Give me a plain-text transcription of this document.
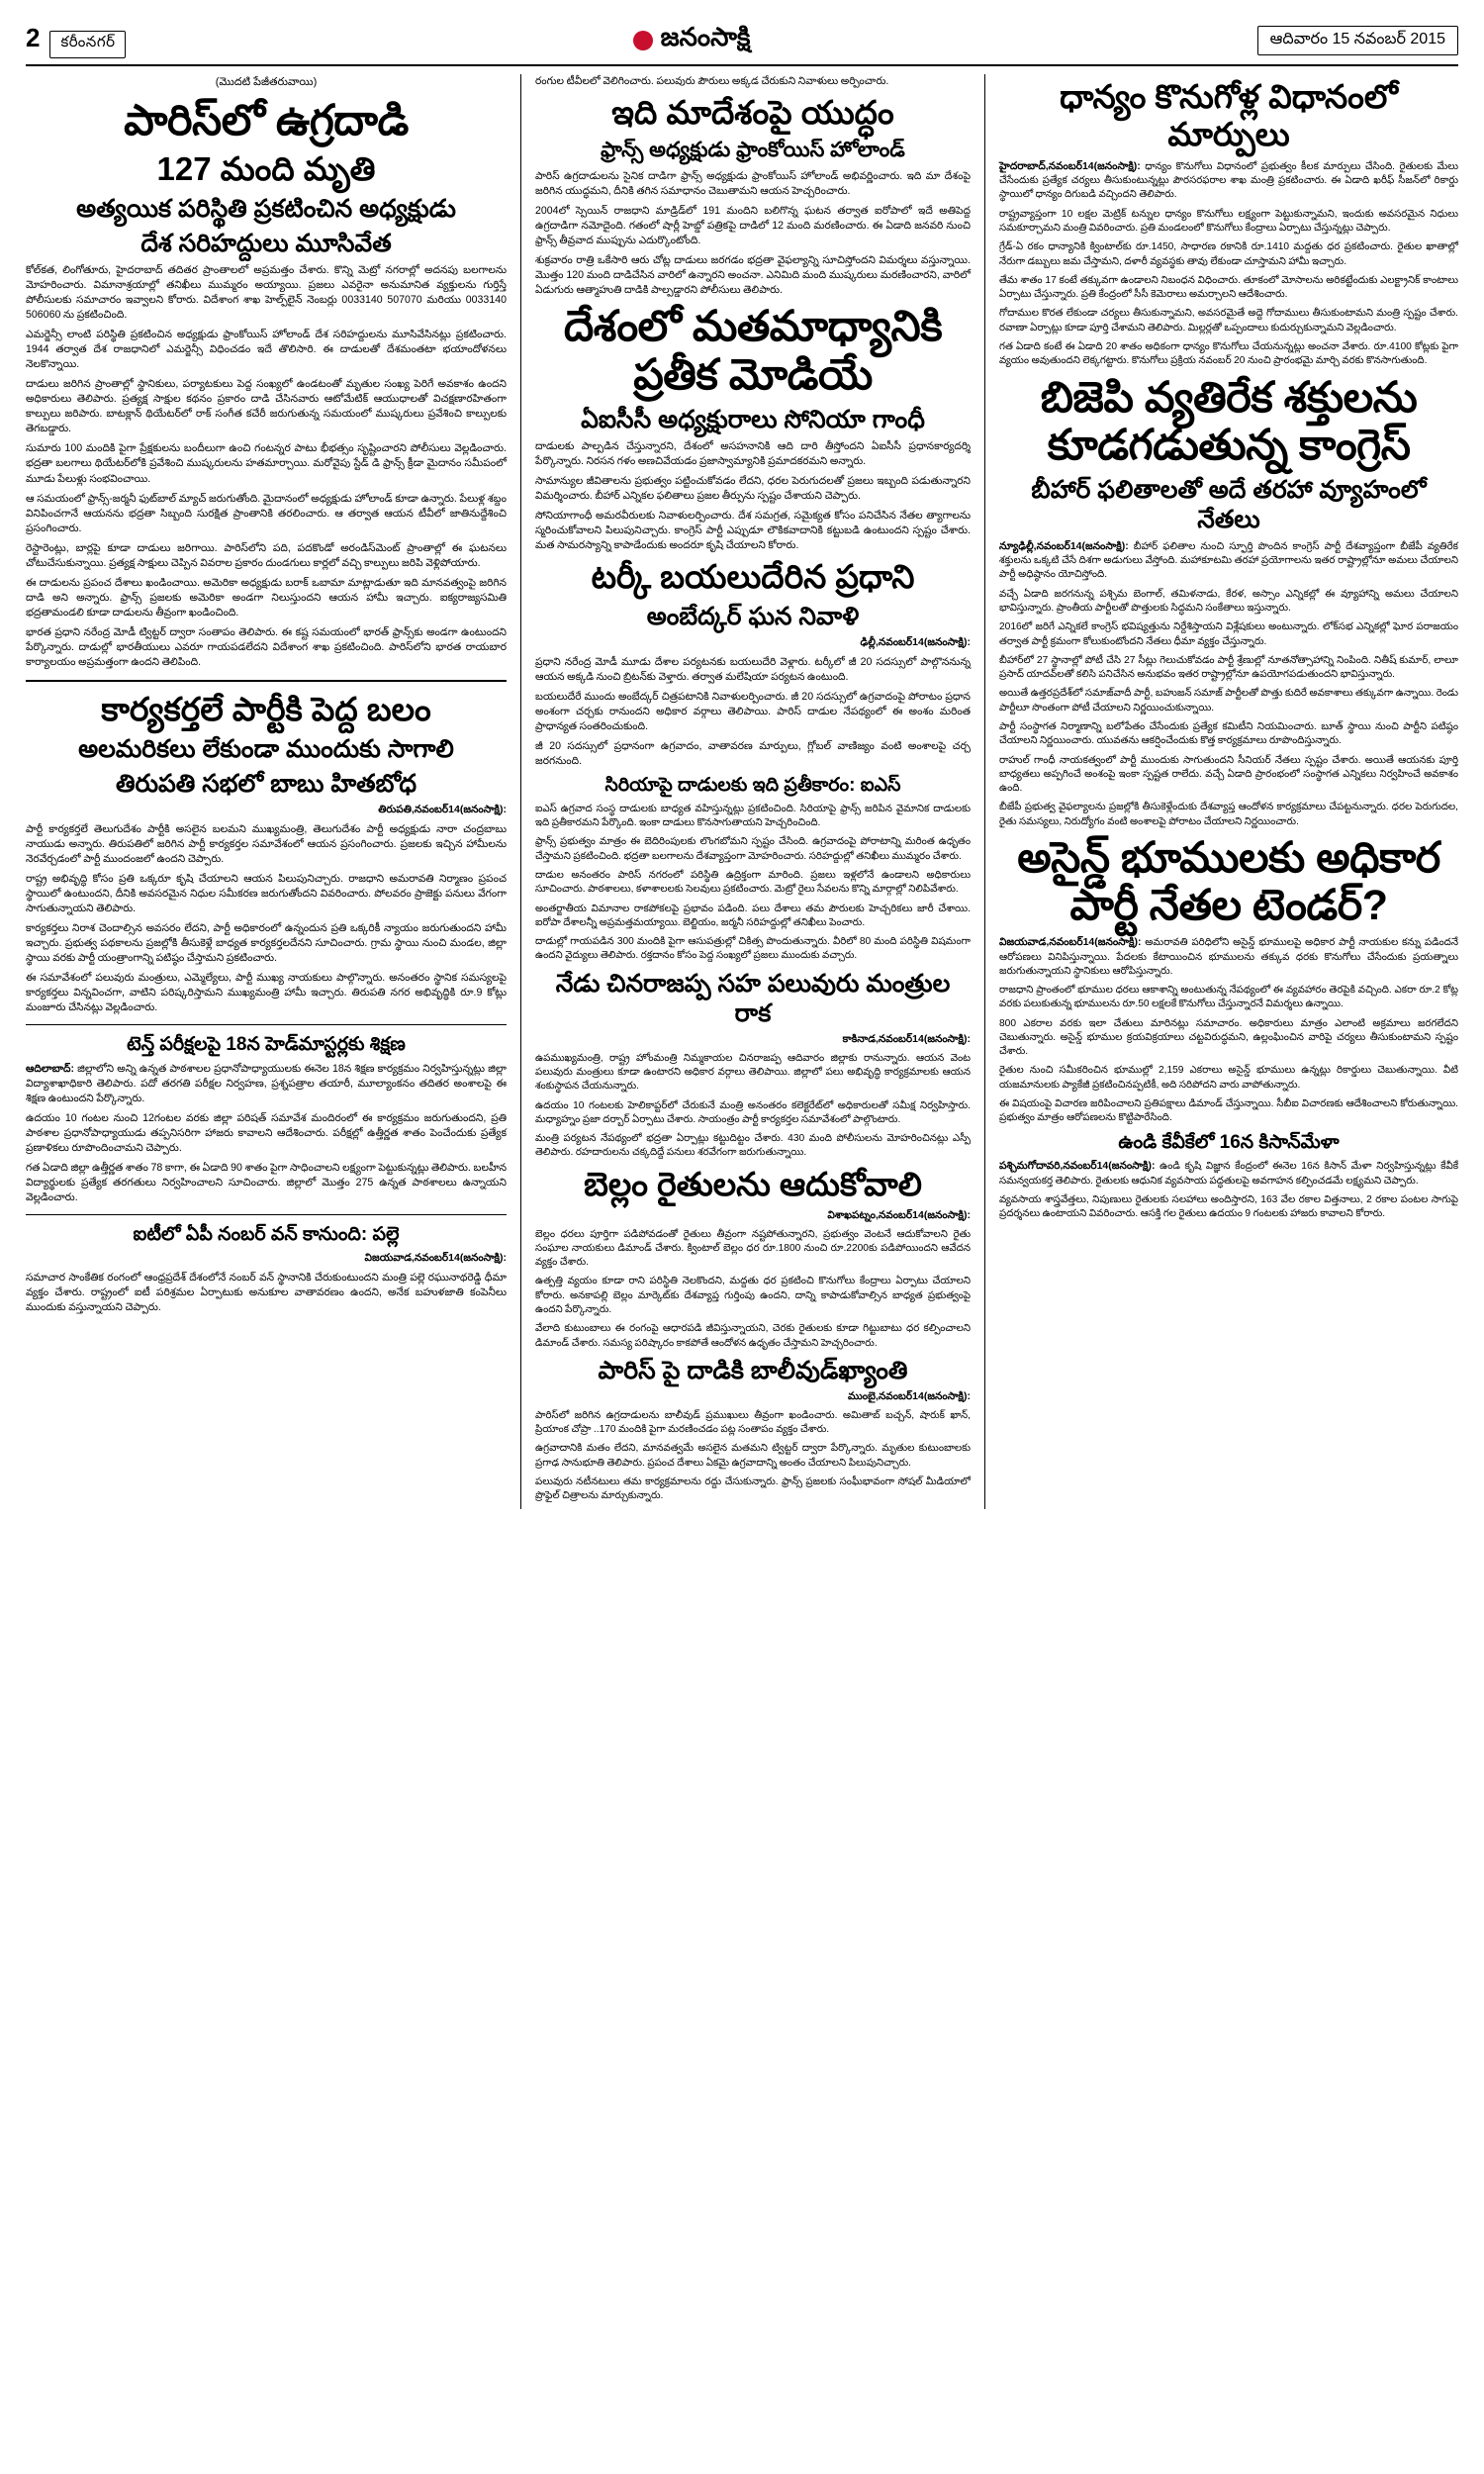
2	కరీంనగర్	జనంసాక్షి	ఆదివారం 15 నవంబర్ 2015
(మొదటి పేజీతరువాయి)
పారిస్‌లో ఉగ్రదాడి
127 మంది మృతి
అత్యయిక పరిస్థితి ప్రకటించిన అధ్యక్షుడు
దేశ సరిహద్దులు మూసివేత

కోల్‌కత, లింగోతూరు, హైదరాబాద్ తదితర ప్రాంతాలలో అప్రమత్తం చేశారు. కొన్ని మెట్రో నగరాల్లో అదనపు బలగాలను మోహరించారు. విమానాశ్రయాల్లో తనిఖీలు ముమ్మరం అయ్యాయి. ప్రజలు ఎవరైనా అనుమానిత వ్యక్తులను గుర్తిస్తే పోలీసులకు సమాచారం ఇవ్వాలని కోరారు. విదేశాంగ శాఖ హెల్ప్‌లైన్ నెంబర్లు 0033140 507070 మరియు 0033140 506060 ను ప్రకటించింది.

ఎమర్జెన్సీ లాంటి పరిస్థితి ప్రకటించిన అధ్యక్షుడు ఫ్రాంకోయిస్ హోలాండ్ దేశ సరిహద్దులను మూసివేసినట్లు ప్రకటించారు. 1944 తర్వాత దేశ రాజధానిలో ఎమర్జెన్సీ విధించడం ఇదే తొలిసారి. ఈ దాడులతో దేశమంతటా భయాందోళనలు నెలకొన్నాయి.

దాడులు జరిగిన ప్రాంతాల్లో స్థానికులు, పర్యాటకులు పెద్ద సంఖ్యలో ఉండటంతో మృతుల సంఖ్య పెరిగే అవకాశం ఉందని అధికారులు తెలిపారు. ప్రత్యక్ష సాక్షుల కథనం ప్రకారం దాడి చేసినవారు ఆటోమేటిక్ ఆయుధాలతో విచక్షణారహితంగా కాల్పులు జరిపారు. బాటక్లాన్ థియేటర్‌లో రాక్ సంగీత కచేరీ జరుగుతున్న సమయంలో ముష్కరులు ప్రవేశించి కాల్పులకు తెగబడ్డారు.

సుమారు 100 మందికి పైగా ప్రేక్షకులను బందీలుగా ఉంచి గంటన్నర పాటు భీభత్సం సృష్టించారని పోలీసులు వెల్లడించారు. భద్రతా బలగాలు థియేటర్‌లోకి ప్రవేశించి ముష్కరులను హతమార్చాయి. మరోవైపు స్టేడ్ డి ఫ్రాన్స్ క్రీడా మైదానం సమీపంలో మూడు పేలుళ్లు సంభవించాయి.

ఆ సమయంలో ఫ్రాన్స్-జర్మనీ ఫుట్‌బాల్ మ్యాచ్ జరుగుతోంది. మైదానంలో అధ్యక్షుడు హోలాండ్ కూడా ఉన్నారు. పేలుళ్ల శబ్దం వినిపించగానే ఆయనను భద్రతా సిబ్బంది సురక్షిత ప్రాంతానికి తరలించారు. ఆ తర్వాత ఆయన టీవీలో జాతినుద్దేశించి ప్రసంగించారు.

రెస్టారెంట్లు, బార్లపై కూడా దాడులు జరిగాయి. పారిస్‌లోని పది, పదకొండో అరండిస్‌మెంట్ ప్రాంతాల్లో ఈ ఘటనలు చోటుచేసుకున్నాయి. ప్రత్యక్ష సాక్షులు చెప్పిన వివరాల ప్రకారం దుండగులు కార్లలో వచ్చి కాల్పులు జరిపి వెళ్లిపోయారు.

ఈ దాడులను ప్రపంచ దేశాలు ఖండించాయి. అమెరికా అధ్యక్షుడు బరాక్ ఒబామా మాట్లాడుతూ ఇది మానవత్వంపై జరిగిన దాడి అని అన్నారు. ఫ్రాన్స్ ప్రజలకు అమెరికా అండగా నిలుస్తుందని ఆయన హామీ ఇచ్చారు. ఐక్యరాజ్యసమితి భద్రతామండలి కూడా దాడులను తీవ్రంగా ఖండించింది.

భారత ప్రధాని నరేంద్ర మోడీ ట్విట్టర్ ద్వారా సంతాపం తెలిపారు. ఈ కష్ట సమయంలో భారత్ ఫ్రాన్స్‌కు అండగా ఉంటుందని పేర్కొన్నారు. దాడుల్లో భారతీయులు ఎవరూ గాయపడలేదని విదేశాంగ శాఖ ప్రకటించింది. పారిస్‌లోని భారత రాయబార కార్యాలయం అప్రమత్తంగా ఉందని తెలిపింది.

కార్యకర్తలే పార్టీకి పెద్ద బలం
అలమరికలు లేకుండా ముందుకు సాగాలి
తిరుపతి సభలో బాబు హితబోధ
తిరుపతి,నవంబర్14(జనంసాక్షి):

పార్టీ కార్యకర్తలే తెలుగుదేశం పార్టీకి అసలైన బలమని ముఖ్యమంత్రి, తెలుగుదేశం పార్టీ అధ్యక్షుడు నారా చంద్రబాబు నాయుడు అన్నారు. తిరుపతిలో జరిగిన పార్టీ కార్యకర్తల సమావేశంలో ఆయన ప్రసంగించారు. ప్రజలకు ఇచ్చిన హామీలను నెరవేర్చడంలో పార్టీ ముందంజలో ఉందని చెప్పారు.

రాష్ట్ర అభివృద్ధి కోసం ప్రతి ఒక్కరూ కృషి చేయాలని ఆయన పిలుపునిచ్చారు. రాజధాని అమరావతి నిర్మాణం ప్రపంచ స్థాయిలో ఉంటుందని, దీనికి అవసరమైన నిధుల సమీకరణ జరుగుతోందని వివరించారు. పోలవరం ప్రాజెక్టు పనులు వేగంగా సాగుతున్నాయని తెలిపారు.

కార్యకర్తలు నిరాశ చెందాల్సిన అవసరం లేదని, పార్టీ అధికారంలో ఉన్నందున ప్రతి ఒక్కరికీ న్యాయం జరుగుతుందని హామీ ఇచ్చారు. ప్రభుత్వ పథకాలను ప్రజల్లోకి తీసుకెళ్లే బాధ్యత కార్యకర్తలదేనని సూచించారు. గ్రామ స్థాయి నుంచి మండల, జిల్లా స్థాయి వరకు పార్టీ యంత్రాంగాన్ని పటిష్ఠం చేస్తామని ప్రకటించారు.

ఈ సమావేశంలో పలువురు మంత్రులు, ఎమ్మెల్యేలు, పార్టీ ముఖ్య నాయకులు పాల్గొన్నారు. అనంతరం స్థానిక సమస్యలపై కార్యకర్తలు విన్నవించగా, వాటిని పరిష్కరిస్తామని ముఖ్యమంత్రి హామీ ఇచ్చారు. తిరుపతి నగర అభివృద్ధికి రూ.9 కోట్లు మంజూరు చేసినట్లు వెల్లడించారు.

టెన్త్ పరీక్షలపై 18న హెడ్‌మాస్టర్లకు శిక్షణ

ఆదిలాబాద్: జిల్లాలోని అన్ని ఉన్నత పాఠశాలల ప్రధానోపాధ్యాయులకు ఈనెల 18న శిక్షణ కార్యక్రమం నిర్వహిస్తున్నట్లు జిల్లా విద్యాశాఖాధికారి తెలిపారు. పదో తరగతి పరీక్షల నిర్వహణ, ప్రశ్నపత్రాల తయారీ, మూల్యాంకనం తదితర అంశాలపై ఈ శిక్షణ ఉంటుందని పేర్కొన్నారు.

ఉదయం 10 గంటల నుంచి 12గంటల వరకు జిల్లా పరిషత్ సమావేశ మందిరంలో ఈ కార్యక్రమం జరుగుతుందని, ప్రతి పాఠశాల ప్రధానోపాధ్యాయుడు తప్పనిసరిగా హాజరు కావాలని ఆదేశించారు. పరీక్షల్లో ఉత్తీర్ణత శాతం పెంచేందుకు ప్రత్యేక ప్రణాళికలు రూపొందించామని చెప్పారు.

గత ఏడాది జిల్లా ఉత్తీర్ణత శాతం 78 కాగా, ఈ ఏడాది 90 శాతం పైగా సాధించాలని లక్ష్యంగా పెట్టుకున్నట్లు తెలిపారు. బలహీన విద్యార్థులకు ప్రత్యేక తరగతులు నిర్వహించాలని సూచించారు. జిల్లాలో మొత్తం 275 ఉన్నత పాఠశాలలు ఉన్నాయని వెల్లడించారు.

ఐటీలో ఏపీ నంబర్ వన్ కానుంది: పల్లె
విజయవాడ,నవంబర్14(జనంసాక్షి):

సమాచార సాంకేతిక రంగంలో ఆంధ్రప్రదేశ్ దేశంలోనే నంబర్ వన్ స్థానానికి చేరుకుంటుందని మంత్రి పల్లె రఘునాథరెడ్డి ధీమా వ్యక్తం చేశారు. రాష్ట్రంలో ఐటీ పరిశ్రమల ఏర్పాటుకు అనుకూల వాతావరణం ఉందని, అనేక బహుళజాతి కంపెనీలు ముందుకు వస్తున్నాయని చెప్పారు.

రంగుల టీవీలలో వెలిగించారు. పలువురు పౌరులు అక్కడ చేరుకుని నివాళులు అర్పించారు.

ఇది మాదేశంపై యుద్ధం
ఫ్రాన్స్ అధ్యక్షుడు ఫ్రాంకోయిస్ హోలాండ్

పారిస్ ఉగ్రదాడులను సైనిక దాడిగా ఫ్రాన్స్ అధ్యక్షుడు ఫ్రాంకోయిస్ హోలాండ్ అభివర్ణించారు. ఇది మా దేశంపై జరిగిన యుద్ధమని, దీనికి తగిన సమాధానం చెబుతామని ఆయన హెచ్చరించారు.

2004లో స్పెయిన్ రాజధాని మాడ్రిడ్‌లో 191 మందిని బలిగొన్న ఘటన తర్వాత ఐరోపాలో ఇదే అతిపెద్ద ఉగ్రదాడిగా నమోదైంది. గతంలో షార్లీ హెబ్డో పత్రికపై దాడిలో 12 మంది మరణించారు. ఈ ఏడాది జనవరి నుంచి ఫ్రాన్స్ తీవ్రవాద ముప్పును ఎదుర్కొంటోంది.

శుక్రవారం రాత్రి ఒకేసారి ఆరు చోట్ల దాడులు జరగడం భద్రతా వైఫల్యాన్ని సూచిస్తోందని విమర్శలు వస్తున్నాయి. మొత్తం 120 మంది దాడిచేసిన వారిలో ఉన్నారని అంచనా. ఎనిమిది మంది ముష్కరులు మరణించారని, వారిలో ఏడుగురు ఆత్మాహుతి దాడికి పాల్పడ్డారని పోలీసులు తెలిపారు.

దేశంలో మతమాధ్యానికి ప్రతీక మోడియే
ఏఐసీసీ అధ్యక్షురాలు సోనియా గాంధీ

దాడులకు పాల్పడిన చేస్తున్నారని, దేశంలో అసహనానికి ఆది దారి తీస్తోందని ఏఐసీసీ ప్రధానకార్యదర్శి పేర్కొన్నారు. నిరసన గళం అణచివేయడం ప్రజాస్వామ్యానికి ప్రమాదకరమని అన్నారు.

సామాన్యుల జీవితాలను ప్రభుత్వం పట్టించుకోవడం లేదని, ధరల పెరుగుదలతో ప్రజలు ఇబ్బంది పడుతున్నారని విమర్శించారు. బీహార్ ఎన్నికల ఫలితాలు ప్రజల తీర్పును స్పష్టం చేశాయని చెప్పారు.

సోనియాగాంధీ అమరవీరులకు నివాళులర్పించారు. దేశ సమగ్రత, సమైక్యత కోసం పనిచేసిన నేతల త్యాగాలను స్మరించుకోవాలని పిలుపునిచ్చారు. కాంగ్రెస్ పార్టీ ఎప్పుడూ లౌకికవాదానికి కట్టుబడి ఉంటుందని స్పష్టం చేశారు. మత సామరస్యాన్ని కాపాడేందుకు అందరూ కృషి చేయాలని కోరారు.

టర్కీ బయలుదేరిన ప్రధాని
అంబేద్కర్ ఘన నివాళి
ఢిల్లీ,నవంబర్14(జనంసాక్షి):

ప్రధాని నరేంద్ర మోడీ మూడు దేశాల పర్యటనకు బయలుదేరి వెళ్లారు. టర్కీలో జీ 20 సదస్సులో పాల్గొననున్న ఆయన అక్కడి నుంచి బ్రిటన్‌కు వెళ్తారు. తర్వాత మలేషియా పర్యటన ఉంటుంది.

బయలుదేరే ముందు అంబేద్కర్ చిత్రపటానికి నివాళులర్పించారు. జీ 20 సదస్సులో ఉగ్రవాదంపై పోరాటం ప్రధాన అంశంగా చర్చకు రానుందని అధికార వర్గాలు తెలిపాయి. పారిస్ దాడుల నేపథ్యంలో ఈ అంశం మరింత ప్రాధాన్యత సంతరించుకుంది.

జీ 20 సదస్సులో ప్రధానంగా ఉగ్రవాదం, వాతావరణ మార్పులు, గ్లోబల్ వాణిజ్యం వంటి అంశాలపై చర్చ జరగనుంది.

సిరియాపై దాడులకు ఇది ప్రతీకారం: ఐఎస్

ఐఎస్ ఉగ్రవాద సంస్థ దాడులకు బాధ్యత వహిస్తున్నట్లు ప్రకటించింది. సిరియాపై ఫ్రాన్స్ జరిపిన వైమానిక దాడులకు ఇది ప్రతీకారమని పేర్కొంది. ఇంకా దాడులు కొనసాగుతాయని హెచ్చరించింది.

ఫ్రాన్స్ ప్రభుత్వం మాత్రం ఈ బెదిరింపులకు లొంగబోమని స్పష్టం చేసింది. ఉగ్రవాదంపై పోరాటాన్ని మరింత ఉధృతం చేస్తామని ప్రకటించింది. భద్రతా బలగాలను దేశవ్యాప్తంగా మోహరించారు. సరిహద్దుల్లో తనిఖీలు ముమ్మరం చేశారు.

దాడుల అనంతరం పారిస్ నగరంలో పరిస్థితి ఉద్రిక్తంగా మారింది. ప్రజలు ఇళ్లలోనే ఉండాలని అధికారులు సూచించారు. పాఠశాలలు, కళాశాలలకు సెలవులు ప్రకటించారు. మెట్రో రైలు సేవలను కొన్ని మార్గాల్లో నిలిపివేశారు.

అంతర్జాతీయ విమానాల రాకపోకలపై ప్రభావం పడింది. పలు దేశాలు తమ పౌరులకు హెచ్చరికలు జారీ చేశాయి. ఐరోపా దేశాలన్నీ అప్రమత్తమయ్యాయి. బెల్జియం, జర్మనీ సరిహద్దుల్లో తనిఖీలు పెంచారు.

దాడుల్లో గాయపడిన 300 మందికి పైగా ఆసుపత్రుల్లో చికిత్స పొందుతున్నారు. వీరిలో 80 మంది పరిస్థితి విషమంగా ఉందని వైద్యులు తెలిపారు. రక్తదానం కోసం పెద్ద సంఖ్యలో ప్రజలు ముందుకు వచ్చారు.

నేడు చినరాజప్ప సహ పలువురు మంత్రుల రాక
కాకినాడ,నవంబర్14(జనంసాక్షి):

ఉపముఖ్యమంత్రి, రాష్ట్ర హోంమంత్రి నిమ్మకాయల చినరాజప్ప ఆదివారం జిల్లాకు రానున్నారు. ఆయన వెంట పలువురు మంత్రులు కూడా ఉంటారని అధికార వర్గాలు తెలిపాయి. జిల్లాలో పలు అభివృద్ధి కార్యక్రమాలకు ఆయన శంకుస్థాపన చేయనున్నారు.

ఉదయం 10 గంటలకు హెలికాప్టర్‌లో చేరుకునే మంత్రి అనంతరం కలెక్టరేట్‌లో అధికారులతో సమీక్ష నిర్వహిస్తారు. మధ్యాహ్నం ప్రజా దర్బార్ ఏర్పాటు చేశారు. సాయంత్రం పార్టీ కార్యకర్తల సమావేశంలో పాల్గొంటారు.

మంత్రి పర్యటన నేపథ్యంలో భద్రతా ఏర్పాట్లు కట్టుదిట్టం చేశారు. 430 మంది పోలీసులను మోహరించినట్లు ఎస్పీ తెలిపారు. రహదారులను చక్కదిద్దే పనులు శరవేగంగా జరుగుతున్నాయి.

బెల్లం రైతులను ఆదుకోవాలి
విశాఖపట్నం,నవంబర్14(జనంసాక్షి):

బెల్లం ధరలు పూర్తిగా పడిపోవడంతో రైతులు తీవ్రంగా నష్టపోతున్నారని, ప్రభుత్వం వెంటనే ఆదుకోవాలని రైతు సంఘాల నాయకులు డిమాండ్ చేశారు. క్వింటాల్ బెల్లం ధర రూ.1800 నుంచి రూ.2200కు పడిపోయిందని ఆవేదన వ్యక్తం చేశారు.

ఉత్పత్తి వ్యయం కూడా రాని పరిస్థితి నెలకొందని, మద్దతు ధర ప్రకటించి కొనుగోలు కేంద్రాలు ఏర్పాటు చేయాలని కోరారు. అనకాపల్లి బెల్లం మార్కెట్‌కు దేశవ్యాప్త గుర్తింపు ఉందని, దాన్ని కాపాడుకోవాల్సిన బాధ్యత ప్రభుత్వంపై ఉందని పేర్కొన్నారు.

వేలాది కుటుంబాలు ఈ రంగంపై ఆధారపడి జీవిస్తున్నాయని, చెరకు రైతులకు కూడా గిట్టుబాటు ధర కల్పించాలని డిమాండ్ చేశారు. సమస్య పరిష్కారం కాకపోతే ఆందోళన ఉధృతం చేస్తామని హెచ్చరించారు.

పారిస్ పై దాడికి బాలీవుడ్‌ఖ్యాంతి
ముంబై,నవంబర్14(జనంసాక్షి):

పారిస్‌లో జరిగిన ఉగ్రదాడులను బాలీవుడ్ ప్రముఖులు తీవ్రంగా ఖండించారు. అమితాబ్ బచ్చన్, షారుక్ ఖాన్, ప్రియాంక చోప్రా ..170 మందికి పైగా మరణించడం పట్ల సంతాపం వ్యక్తం చేశారు.

ఉగ్రవాదానికి మతం లేదని, మానవత్వమే అసలైన మతమని ట్విట్టర్ ద్వారా పేర్కొన్నారు. మృతుల కుటుంబాలకు ప్రగాఢ సానుభూతి తెలిపారు. ప్రపంచ దేశాలు ఏకమై ఉగ్రవాదాన్ని అంతం చేయాలని పిలుపునిచ్చారు.

పలువురు నటీనటులు తమ కార్యక్రమాలను రద్దు చేసుకున్నారు. ఫ్రాన్స్ ప్రజలకు సంఘీభావంగా సోషల్ మీడియాలో ప్రొఫైల్ చిత్రాలను మార్చుకున్నారు.

ధాన్యం కొనుగోళ్ల విధానంలో మార్పులు

హైదరాబాద్,నవంబర్14(జనంసాక్షి): ధాన్యం కొనుగోలు విధానంలో ప్రభుత్వం కీలక మార్పులు చేసింది. రైతులకు మేలు చేసేందుకు ప్రత్యేక చర్యలు తీసుకుంటున్నట్లు పౌరసరఫరాల శాఖ మంత్రి ప్రకటించారు. ఈ ఏడాది ఖరీఫ్ సీజన్‌లో రికార్డు స్థాయిలో ధాన్యం దిగుబడి వచ్చిందని తెలిపారు.

రాష్ట్రవ్యాప్తంగా 10 లక్షల మెట్రిక్ టన్నుల ధాన్యం కొనుగోలు లక్ష్యంగా పెట్టుకున్నామని, ఇందుకు అవసరమైన నిధులు సమకూర్చామని మంత్రి వివరించారు. ప్రతి మండలంలో కొనుగోలు కేంద్రాలు ఏర్పాటు చేస్తున్నట్లు చెప్పారు.

గ్రేడ్-ఏ రకం ధాన్యానికి క్వింటాల్‌కు రూ.1450, సాధారణ రకానికి రూ.1410 మద్దతు ధర ప్రకటించారు. రైతుల ఖాతాల్లో నేరుగా డబ్బులు జమ చేస్తామని, దళారీ వ్యవస్థకు తావు లేకుండా చూస్తామని హామీ ఇచ్చారు.

తేమ శాతం 17 కంటే తక్కువగా ఉండాలని నిబంధన విధించారు. తూకంలో మోసాలను అరికట్టేందుకు ఎలక్ట్రానిక్ కాంటాలు ఏర్పాటు చేస్తున్నారు. ప్రతి కేంద్రంలో సీసీ కెమెరాలు అమర్చాలని ఆదేశించారు.

గోదాముల కొరత లేకుండా చర్యలు తీసుకున్నామని, అవసరమైతే అద్దె గోదాములు తీసుకుంటామని మంత్రి స్పష్టం చేశారు. రవాణా ఏర్పాట్లు కూడా పూర్తి చేశామని తెలిపారు. మిల్లర్లతో ఒప్పందాలు కుదుర్చుకున్నామని వెల్లడించారు.

గత ఏడాది కంటే ఈ ఏడాది 20 శాతం అధికంగా ధాన్యం కొనుగోలు చేయనున్నట్లు అంచనా వేశారు. రూ.4100 కోట్లకు పైగా వ్యయం అవుతుందని లెక్కగట్టారు. కొనుగోలు ప్రక్రియ నవంబర్ 20 నుంచి ప్రారంభమై మార్చి వరకు కొనసాగుతుంది.

బిజెపి వ్యతిరేక శక్తులను కూడగడుతున్న కాంగ్రెస్
బీహార్ ఫలితాలతో అదే తరహా వ్యూహంలో నేతలు

న్యూఢిల్లీ,నవంబర్14(జనంసాక్షి): బీహార్ ఫలితాల నుంచి స్ఫూర్తి పొందిన కాంగ్రెస్ పార్టీ దేశవ్యాప్తంగా బీజేపీ వ్యతిరేక శక్తులను ఒక్కటి చేసే దిశగా అడుగులు వేస్తోంది. మహాకూటమి తరహా ప్రయోగాలను ఇతర రాష్ట్రాల్లోనూ అమలు చేయాలని పార్టీ అధిష్ఠానం యోచిస్తోంది.

వచ్చే ఏడాది జరగనున్న పశ్చిమ బెంగాల్, తమిళనాడు, కేరళ, అస్సాం ఎన్నికల్లో ఈ వ్యూహాన్ని అమలు చేయాలని భావిస్తున్నారు. ప్రాంతీయ పార్టీలతో పొత్తులకు సిద్ధమని సంకేతాలు ఇస్తున్నారు.

2016లో జరిగే ఎన్నికలే కాంగ్రెస్ భవిష్యత్తును నిర్దేశిస్తాయని విశ్లేషకులు అంటున్నారు. లోక్‌సభ ఎన్నికల్లో ఘోర పరాజయం తర్వాత పార్టీ క్రమంగా కోలుకుంటోందని నేతలు ధీమా వ్యక్తం చేస్తున్నారు.

బీహార్‌లో 27 స్థానాల్లో పోటీ చేసి 27 సీట్లు గెలుచుకోవడం పార్టీ శ్రేణుల్లో నూతనోత్సాహాన్ని నింపింది. నితీష్ కుమార్, లాలూ ప్రసాద్ యాదవ్‌లతో కలిసి పనిచేసిన అనుభవం ఇతర రాష్ట్రాల్లోనూ ఉపయోగపడుతుందని భావిస్తున్నారు.

అయితే ఉత్తరప్రదేశ్‌లో సమాజ్‌వాదీ పార్టీ, బహుజన్ సమాజ్ పార్టీలతో పొత్తు కుదిరే అవకాశాలు తక్కువగా ఉన్నాయి. రెండు పార్టీలూ సొంతంగా పోటీ చేయాలని నిర్ణయించుకున్నాయి.

పార్టీ సంస్థాగత నిర్మాణాన్ని బలోపేతం చేసేందుకు ప్రత్యేక కమిటీని నియమించారు. బూత్ స్థాయి నుంచి పార్టీని పటిష్ఠం చేయాలని నిర్ణయించారు. యువతను ఆకర్షించేందుకు కొత్త కార్యక్రమాలు రూపొందిస్తున్నారు.

రాహుల్ గాంధీ నాయకత్వంలో పార్టీ ముందుకు సాగుతుందని సీనియర్ నేతలు స్పష్టం చేశారు. అయితే ఆయనకు పూర్తి బాధ్యతలు అప్పగించే అంశంపై ఇంకా స్పష్టత రాలేదు. వచ్చే ఏడాది ప్రారంభంలో సంస్థాగత ఎన్నికలు నిర్వహించే అవకాశం ఉంది.

బీజేపీ ప్రభుత్వ వైఫల్యాలను ప్రజల్లోకి తీసుకెళ్లేందుకు దేశవ్యాప్త ఆందోళన కార్యక్రమాలు చేపట్టనున్నారు. ధరల పెరుగుదల, రైతు సమస్యలు, నిరుద్యోగం వంటి అంశాలపై పోరాటం చేయాలని నిర్ణయించారు.

అసైన్డ్ భూములకు అధికార పార్టీ నేతల టెండర్?

విజయవాడ,నవంబర్14(జనంసాక్షి): అమరావతి పరిధిలోని అసైన్డ్ భూములపై అధికార పార్టీ నాయకుల కన్ను పడిందనే ఆరోపణలు వినిపిస్తున్నాయి. పేదలకు కేటాయించిన భూములను తక్కువ ధరకు కొనుగోలు చేసేందుకు ప్రయత్నాలు జరుగుతున్నాయని స్థానికులు ఆరోపిస్తున్నారు.

రాజధాని ప్రాంతంలో భూముల ధరలు ఆకాశాన్ని అంటుతున్న నేపథ్యంలో ఈ వ్యవహారం తెరపైకి వచ్చింది. ఎకరా రూ.2 కోట్ల వరకు పలుకుతున్న భూములను రూ.50 లక్షలకే కొనుగోలు చేస్తున్నారనే విమర్శలు ఉన్నాయి.

800 ఎకరాల వరకు ఇలా చేతులు మారినట్లు సమాచారం. అధికారులు మాత్రం ఎలాంటి అక్రమాలు జరగలేదని చెబుతున్నారు. అసైన్డ్ భూముల క్రయవిక్రయాలు చట్టవిరుద్ధమని, ఉల్లంఘించిన వారిపై చర్యలు తీసుకుంటామని స్పష్టం చేశారు.

రైతుల నుంచి సమీకరించిన భూముల్లో 2,159 ఎకరాలు అసైన్డ్ భూములు ఉన్నట్లు రికార్డులు చెబుతున్నాయి. వీటి యజమానులకు ప్యాకేజీ ప్రకటించినప్పటికీ, అది సరిపోదని వారు వాపోతున్నారు.

ఈ విషయంపై విచారణ జరిపించాలని ప్రతిపక్షాలు డిమాండ్ చేస్తున్నాయి. సీబీఐ విచారణకు ఆదేశించాలని కోరుతున్నాయి. ప్రభుత్వం మాత్రం ఆరోపణలను కొట్టిపారేసింది.

ఉండి కేవీకేలో 16న కిసాన్‌మేళా

పశ్చిమగోదావరి,నవంబర్14(జనంసాక్షి): ఉండి కృషి విజ్ఞాన కేంద్రంలో ఈనెల 16న కిసాన్ మేళా నిర్వహిస్తున్నట్లు కేవీకే సమన్వయకర్త తెలిపారు. రైతులకు ఆధునిక వ్యవసాయ పద్ధతులపై అవగాహన కల్పించడమే లక్ష్యమని చెప్పారు.

వ్యవసాయ శాస్త్రవేత్తలు, నిపుణులు రైతులకు సలహాలు అందిస్తారని, 163 వేల రకాల విత్తనాలు, 2 రకాల పంటల సాగుపై ప్రదర్శనలు ఉంటాయని వివరించారు. ఆసక్తి గల రైతులు ఉదయం 9 గంటలకు హాజరు కావాలని కోరారు.
